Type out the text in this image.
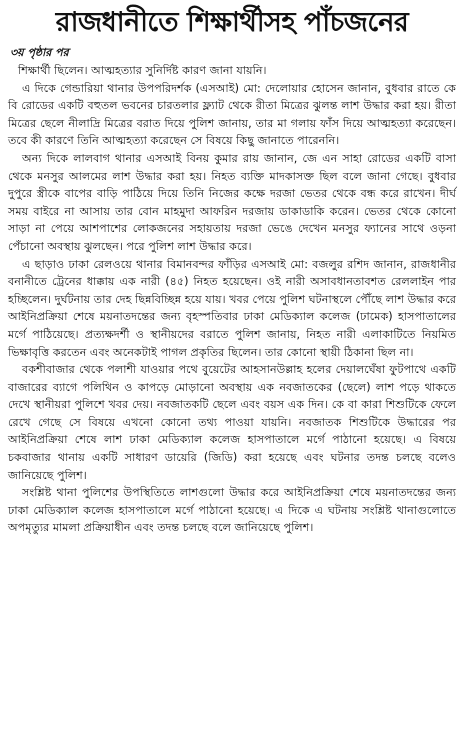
রাজধানীতে শিক্ষার্থীসহ পাঁচজনের
৩য় পৃষ্ঠার পর

শিক্ষার্থী ছিলেন। আত্মহত্যার সুনির্দিষ্ট কারণ জানা যায়নি।

এ দিকে গেন্ডারিয়া থানার উপপরিদর্শক (এসআই) মো: দেলোয়ার হোসেন জানান, বুধবার রাতে কে বি রোডের একটি বহুতল ভবনের চারতলার ফ্ল্যাট থেকে রীতা মিত্রের ঝুলন্ত লাশ উদ্ধার করা হয়। রীতা মিত্রের ছেলে নীলাদ্রি মিত্রের বরাত দিয়ে পুলিশ জানায়, তার মা গলায় ফাঁস দিয়ে আত্মহত্যা করেছেন। তবে কী কারণে তিনি আত্মহত্যা করেছেন সে বিষয়ে কিছু জানাতে পারেননি।

অন্য দিকে লালবাগ থানার এসআই বিনয় কুমার রায় জানান, জে এন সাহা রোডের একটি বাসা থেকে মনসুর আলমের লাশ উদ্ধার করা হয়। নিহত ব্যক্তি মাদকাসক্ত ছিল বলে জানা গেছে। বুধবার দুপুরে স্ত্রীকে বাপের বাড়ি পাঠিয়ে দিয়ে তিনি নিজের কক্ষে দরজা ভেতর থেকে বন্ধ করে রাখেন। দীর্ঘ সময় বাইরে না আসায় তার বোন মাহমুদা আফরিন দরজায় ডাকাডাকি করেন। ভেতর থেকে কোনো সাড়া না পেয়ে আশপাশের লোকজনের সহায়তায় দরজা ভেঙে দেখেন মনসুর ফ্যানের সাথে ওড়না পেঁচানো অবস্থায় ঝুলছেন। পরে পুলিশ লাশ উদ্ধার করে।

এ ছাড়াও ঢাকা রেলওয়ে থানার বিমানবন্দর ফাঁড়ির এসআই মো: বজলুর রশিদ জানান, রাজধানীর বনানীতে ট্রেনের ধাক্কায় এক নারী (৪৫) নিহত হয়েছেন। ওই নারী অসাবধানতাবশত রেললাইন পার হচ্ছিলেন। দুর্ঘটনায় তার দেহ ছিন্নবিচ্ছিন্ন হয়ে যায়। খবর পেয়ে পুলিশ ঘটনাস্থলে পৌঁছে লাশ উদ্ধার করে আইনিপ্রক্রিয়া শেষে ময়নাতদন্তের জন্য বৃহস্পতিবার ঢাকা মেডিক্যাল কলেজ (ঢামেক) হাসপাতালের মর্গে পাঠিয়েছে। প্রত্যক্ষদর্শী ও স্থানীয়দের বরাতে পুলিশ জানায়, নিহত নারী এলাকাটিতে নিয়মিত ভিক্ষাবৃত্তি করতেন এবং অনেকটাই পাগল প্রকৃতির ছিলেন। তার কোনো স্থায়ী ঠিকানা ছিল না।

বকশীবাজার থেকে পলাশী যাওয়ার পথে বুয়েটের আহসানউল্লাহ হলের দেয়ালঘেঁষা ফুটপাথে একটি বাজারের ব্যাগে পলিথিন ও কাপড়ে মোড়ানো অবস্থায় এক নবজাতকের (ছেলে) লাশ পড়ে থাকতে দেখে স্থানীয়রা পুলিশে খবর দেয়। নবজাতকটি ছেলে এবং বয়স এক দিন। কে বা কারা শিশুটিকে ফেলে রেখে গেছে সে বিষয়ে এখনো কোনো তথ্য পাওয়া যায়নি। নবজাতক শিশুটিকে উদ্ধারের পর আইনিপ্রক্রিয়া শেষে লাশ ঢাকা মেডিক্যাল কলেজ হাসপাতালে মর্গে পাঠানো হয়েছে। এ বিষয়ে চকবাজার থানায় একটি সাধারণ ডায়েরি (জিডি) করা হয়েছে এবং ঘটনার তদন্ত চলছে বলেও জানিয়েছে পুলিশ।

সংশ্লিষ্ট থানা পুলিশের উপস্থিতিতে লাশগুলো উদ্ধার করে আইনিপ্রক্রিয়া শেষে ময়নাতদন্তের জন্য ঢাকা মেডিক্যাল কলেজ হাসপাতালে মর্গে পাঠানো হয়েছে। এ দিকে এ ঘটনায় সংশ্লিষ্ট থানাগুলোতে অপমৃত্যুর মামলা প্রক্রিয়াধীন এবং তদন্ত চলছে বলে জানিয়েছে পুলিশ।
